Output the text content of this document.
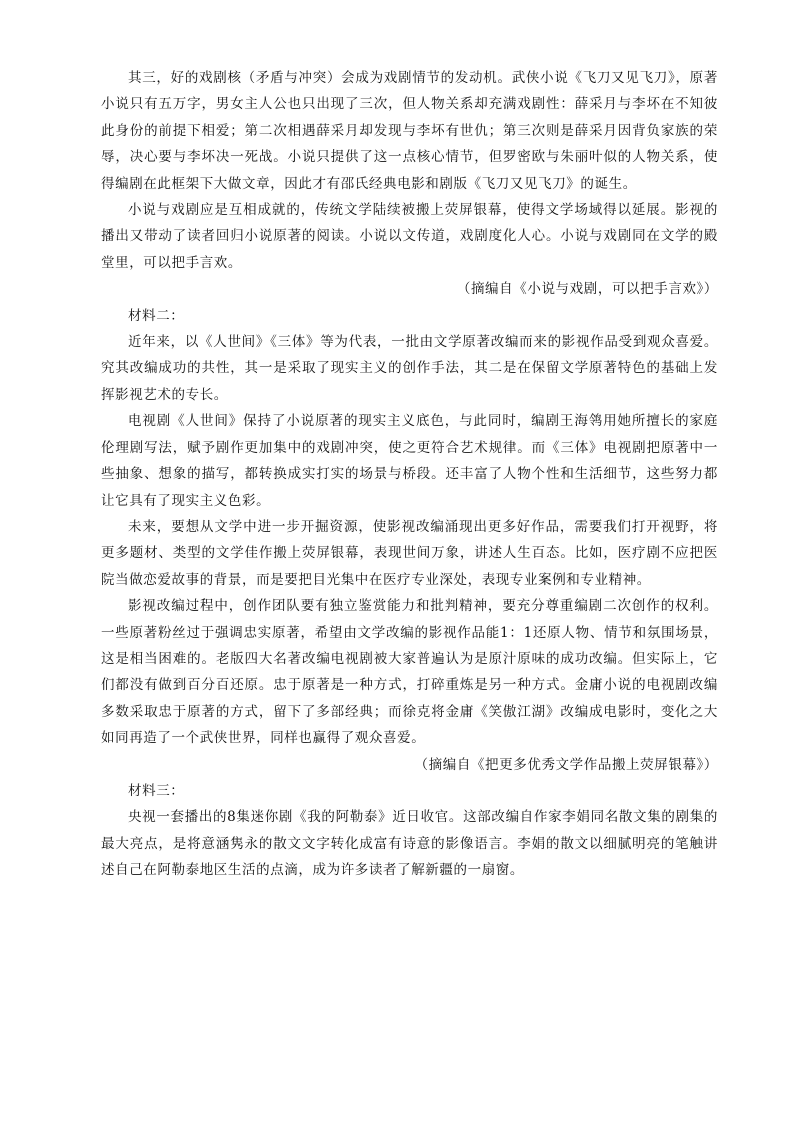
其三，好的戏剧核（矛盾与冲突）会成为戏剧情节的发动机。武侠小说《飞刀又见飞刀》，原著小说只有五万字，男女主人公也只出现了三次，但人物关系却充满戏剧性：薛采月与李坏在不知彼此身份的前提下相爱；第二次相遇薛采月却发现与李坏有世仇；第三次则是薛采月因背负家族的荣辱，决心要与李坏决一死战。小说只提供了这一点核心情节，但罗密欧与朱丽叶似的人物关系，使得编剧在此框架下大做文章，因此才有邵氏经典电影和剧版《飞刀又见飞刀》的诞生。

小说与戏剧应是互相成就的，传统文学陆续被搬上荧屏银幕，使得文学场域得以延展。影视的播出又带动了读者回归小说原著的阅读。小说以文传道，戏剧度化人心。小说与戏剧同在文学的殿堂里，可以把手言欢。

（摘编自《小说与戏剧，可以把手言欢》）

材料二：

近年来，以《人世间》《三体》等为代表，一批由文学原著改编而来的影视作品受到观众喜爱。究其改编成功的共性，其一是采取了现实主义的创作手法，其二是在保留文学原著特色的基础上发挥影视艺术的专长。

电视剧《人世间》保持了小说原著的现实主义底色，与此同时，编剧王海鸰用她所擅长的家庭伦理剧写法，赋予剧作更加集中的戏剧冲突，使之更符合艺术规律。而《三体》电视剧把原著中一些抽象、想象的描写，都转换成实打实的场景与桥段。还丰富了人物个性和生活细节，这些努力都让它具有了现实主义色彩。

未来，要想从文学中进一步开掘资源，使影视改编涌现出更多好作品，需要我们打开视野，将更多题材、类型的文学佳作搬上荧屏银幕，表现世间万象，讲述人生百态。比如，医疗剧不应把医院当做恋爱故事的背景，而是要把目光集中在医疗专业深处，表现专业案例和专业精神。

影视改编过程中，创作团队要有独立鉴赏能力和批判精神，要充分尊重编剧二次创作的权利。一些原著粉丝过于强调忠实原著，希望由文学改编的影视作品能1：1还原人物、情节和氛围场景，这是相当困难的。老版四大名著改编电视剧被大家普遍认为是原汁原味的成功改编。但实际上，它们都没有做到百分百还原。忠于原著是一种方式，打碎重炼是另一种方式。金庸小说的电视剧改编多数采取忠于原著的方式，留下了多部经典；而徐克将金庸《笑傲江湖》改编成电影时，变化之大如同再造了一个武侠世界，同样也赢得了观众喜爱。

（摘编自《把更多优秀文学作品搬上荧屏银幕》）

材料三：

央视一套播出的8集迷你剧《我的阿勒泰》近日收官。这部改编自作家李娟同名散文集的剧集的最大亮点，是将意涵隽永的散文文字转化成富有诗意的影像语言。李娟的散文以细腻明亮的笔触讲述自己在阿勒泰地区生活的点滴，成为许多读者了解新疆的一扇窗。
